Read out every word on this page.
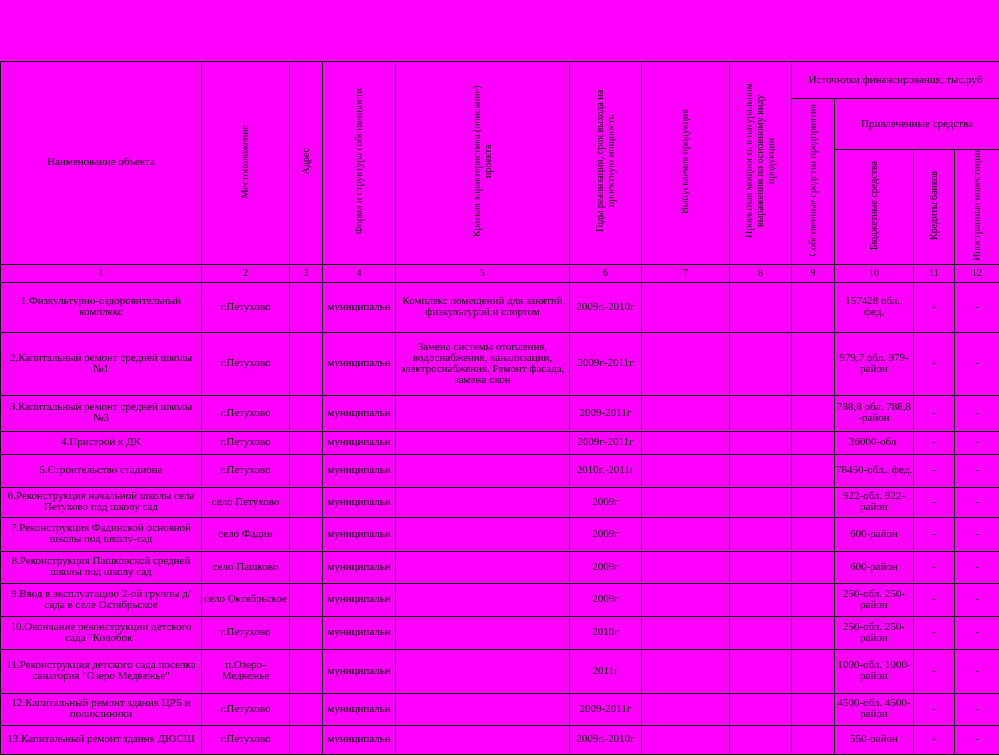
Наименование объекта	Местоположение	Адрес	Форма и структура собственности	Краткая характеристика (описание) проекта	Годы реализации, срок выхода на проектную мощность	Выпускаемая продукция	Проектная мощность в натуральном выражении по основному виду продукции	Источники финансирования, тыс.руб			
								Собственные средства предприятия	Привлеченные средства		
									Бюджетные средства	Кредиты банков	Иностранные инвестиции
1	2	3	4	5	6	7	8	9	10	11	12
1.Физкультурно-оздоровительный комплекс	г.Петухово		муниципальн	Комплекс помещений для занятий физкультурой и спортом	2009г.-2010г				157428 обл., фед.	-	-
2.Капитальный ремонт средней школы №1	г.Петухово		муниципальн	Замена системы отопления, водоснабжения, канализации, электроснабжения. Ремонт фасада, замена окон	2009г-2011г				979,7 обл. 979-район	-	-
3.Капитальный ремонт средней школы №3	г.Петухово		муниципальн		2009-2011г				788,8 обл. 788,8 -район	-	-
4.Пристрой к ДК	г.Петухово		муниципальн		2009г-2011г				36000-обл.	-	-
5.Строительство стадиона	г.Петухово		муниципальн		2010г.-2011г				78450-обл., фед.	-	-
6.Реконструкция начальной школы села Петухово под школу сад	село Петухово		муниципальн		2009г				922-обл. 922-район	-	-
7.Реконструкция Фадинской основной школы под школу-сад	село Фадин		муниципальн		2009г				600-район	-	-
8.Реконструкция Пашковской средней школы под школу сад	село Пашково		муниципальн		2009г				600-район	-	-
9.Ввод в эксплуатацию 2-ой группы д/сада в селе Октябрьское	село Октябрьское		муниципальн		2009г				250-обл. 250-район	-	-
10.Окончание реконструкции детского сада "Колобок"	г.Петухово		муниципальн		2010г				250-обл. 250-район	-	-
11.Реконструкция детского сада поселка санатория "Озеро Медвежье"	п.Озеро-Медвежье		муниципальн		2011г				1000-обл. 1000-район	-	-
12.Капитальный ремонт здания ЦРБ и поликлиники	г.Петухово		муниципальн		2009-2011г				4500-обл. 4500-район	-	-
13.Капитальный ремонт здания ДЮСШ	г.Петухово		муниципальн		2009г.-2010г				550-район	-	-
